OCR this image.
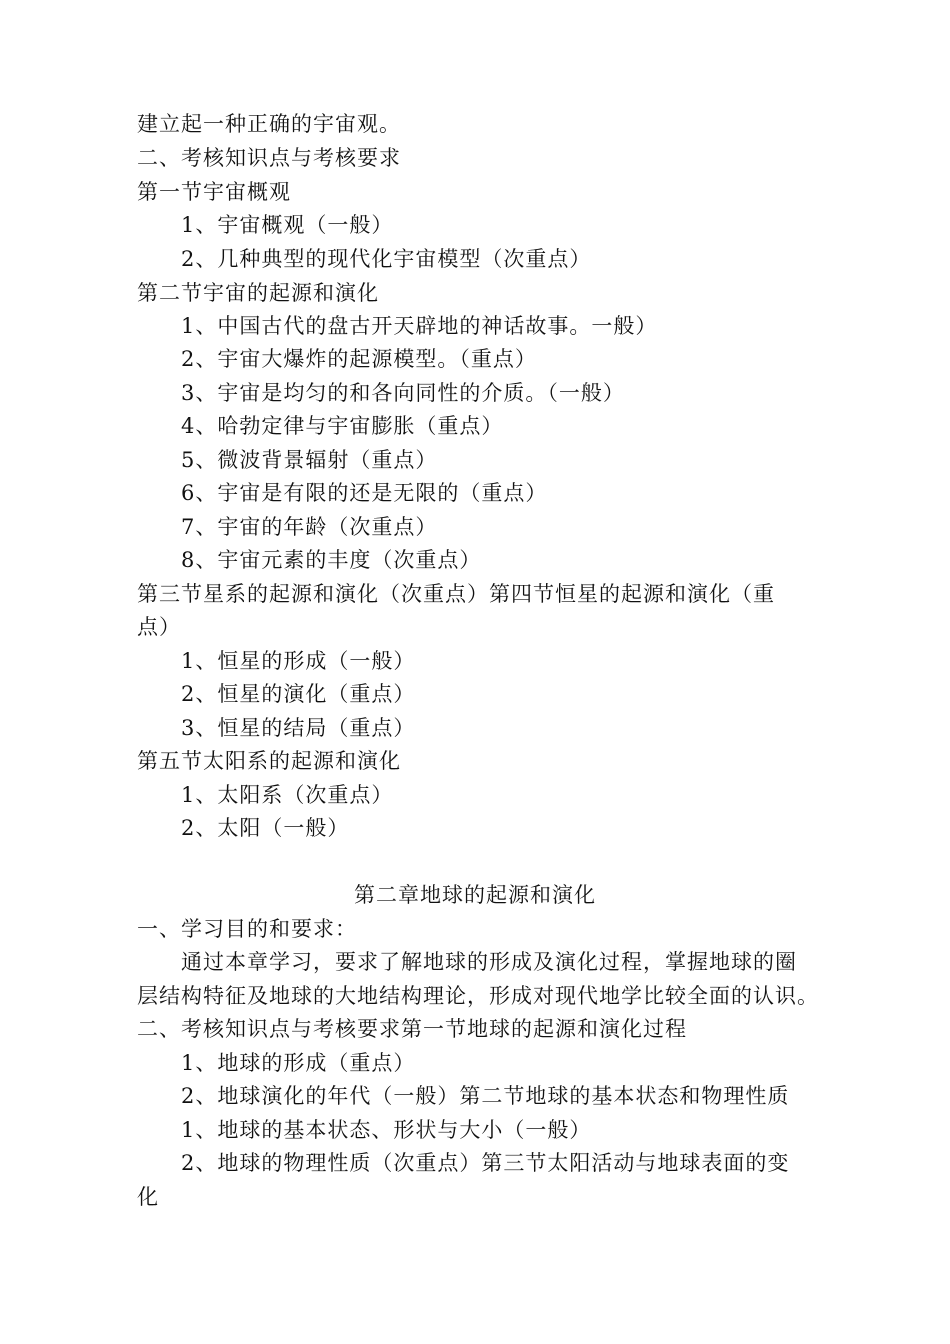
建立起一种正确的宇宙观。
二、考核知识点与考核要求
第一节宇宙概观
1、宇宙概观（一般）
2、几种典型的现代化宇宙模型（次重点）
第二节宇宙的起源和演化
1、中国古代的盘古开天辟地的神话故事。一般）
2、宇宙大爆炸的起源模型。（重点）
3、宇宙是均匀的和各向同性的介质。（一般）
4、哈勃定律与宇宙膨胀（重点）
5、微波背景辐射（重点）
6、宇宙是有限的还是无限的（重点）
7、宇宙的年龄（次重点）
8、宇宙元素的丰度（次重点）
第三节星系的起源和演化（次重点）第四节恒星的起源和演化（重
点）
1、恒星的形成（一般）
2、恒星的演化（重点）
3、恒星的结局（重点）
第五节太阳系的起源和演化
1、太阳系（次重点）
2、太阳（一般）
第二章地球的起源和演化
一、学习目的和要求：
通过本章学习，要求了解地球的形成及演化过程，掌握地球的圈
层结构特征及地球的大地结构理论，形成对现代地学比较全面的认识。
二、考核知识点与考核要求第一节地球的起源和演化过程
1、地球的形成（重点）
2、地球演化的年代（一般）第二节地球的基本状态和物理性质
1、地球的基本状态、形状与大小（一般）
2、地球的物理性质（次重点）第三节太阳活动与地球表面的变
化
